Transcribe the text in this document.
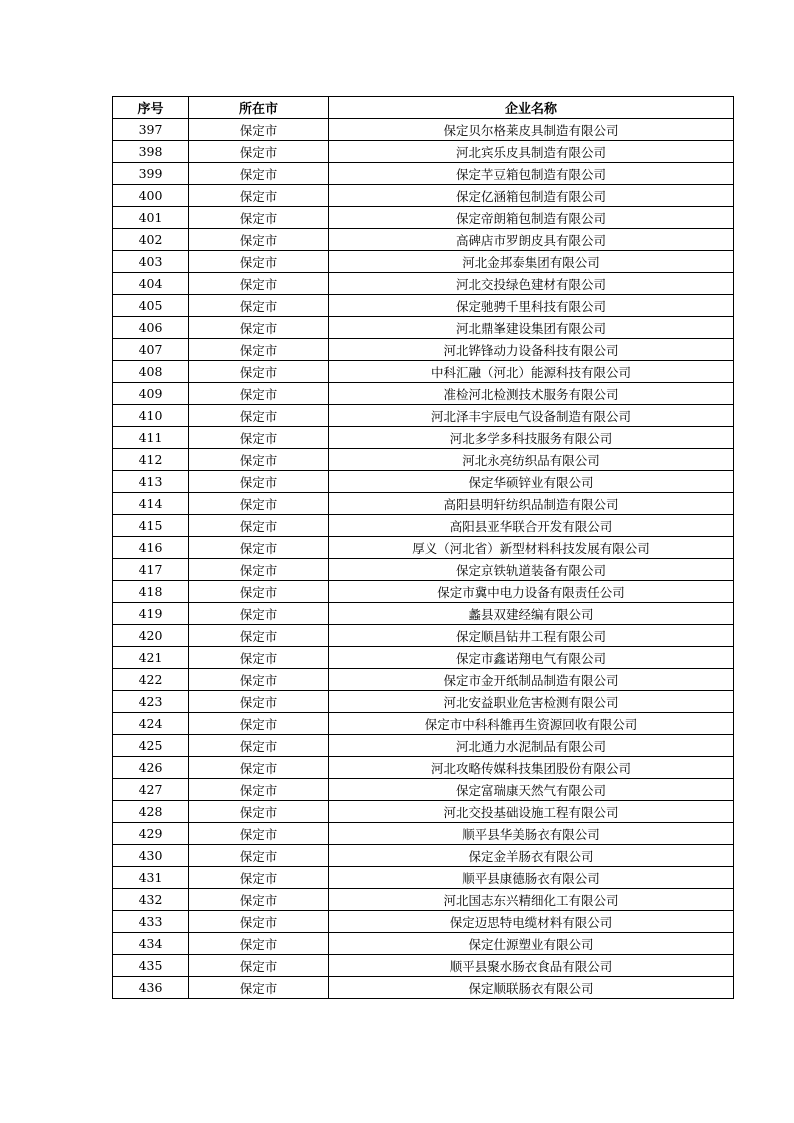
序号	所在市	企业名称
397	保定市	保定贝尔格莱皮具制造有限公司
398	保定市	河北宾乐皮具制造有限公司
399	保定市	保定芊豆箱包制造有限公司
400	保定市	保定亿涵箱包制造有限公司
401	保定市	保定帝朗箱包制造有限公司
402	保定市	高碑店市罗朗皮具有限公司
403	保定市	河北金邦泰集团有限公司
404	保定市	河北交投绿色建材有限公司
405	保定市	保定驰骋千里科技有限公司
406	保定市	河北鼎峯建设集团有限公司
407	保定市	河北铧锋动力设备科技有限公司
408	保定市	中科汇融（河北）能源科技有限公司
409	保定市	准检河北检测技术服务有限公司
410	保定市	河北泽丰宇辰电气设备制造有限公司
411	保定市	河北多学多科技服务有限公司
412	保定市	河北永亮纺织品有限公司
413	保定市	保定华硕锌业有限公司
414	保定市	高阳县明轩纺织品制造有限公司
415	保定市	高阳县亚华联合开发有限公司
416	保定市	厚义（河北省）新型材料科技发展有限公司
417	保定市	保定京铁轨道装备有限公司
418	保定市	保定市冀中电力设备有限责任公司
419	保定市	蠡县双建经编有限公司
420	保定市	保定顺昌钻井工程有限公司
421	保定市	保定市鑫诺翔电气有限公司
422	保定市	保定市金开纸制品制造有限公司
423	保定市	河北安益职业危害检测有限公司
424	保定市	保定市中科科雒再生资源回收有限公司
425	保定市	河北通力水泥制品有限公司
426	保定市	河北攻略传媒科技集团股份有限公司
427	保定市	保定富瑞康天然气有限公司
428	保定市	河北交投基础设施工程有限公司
429	保定市	顺平县华美肠衣有限公司
430	保定市	保定金羊肠衣有限公司
431	保定市	顺平县康德肠衣有限公司
432	保定市	河北国志东兴精细化工有限公司
433	保定市	保定迈思特电缆材料有限公司
434	保定市	保定仕源塑业有限公司
435	保定市	顺平县聚水肠衣食品有限公司
436	保定市	保定顺联肠衣有限公司
